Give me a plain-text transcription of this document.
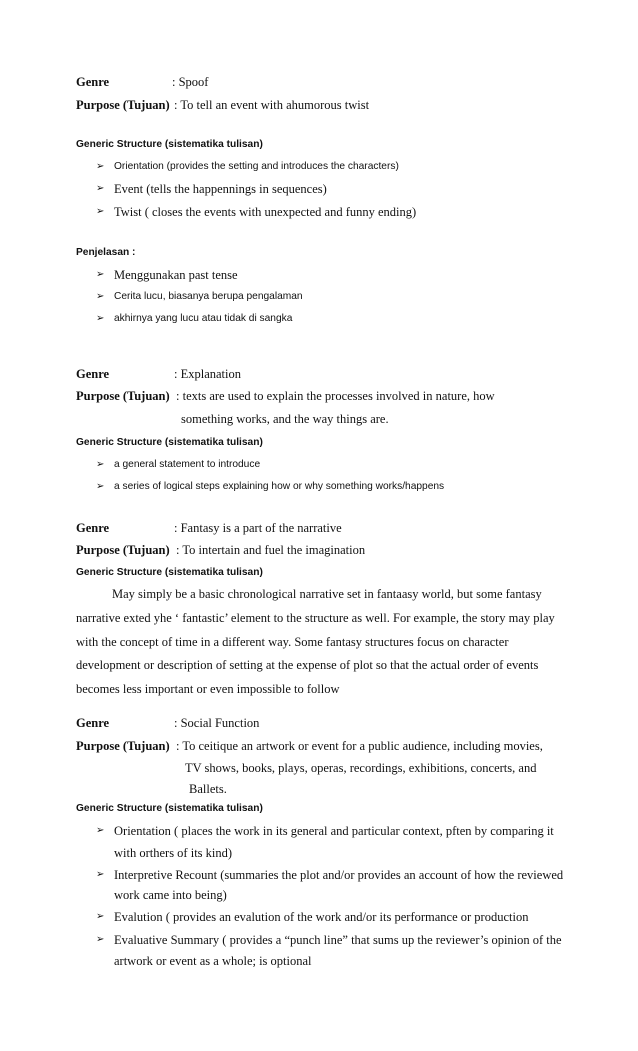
Genre	: Spoof
Purpose (Tujuan) : To tell an event with ahumorous twist
Generic Structure (sistematika tulisan)
➢ Orientation (provides the setting and introduces the characters)
➢ Event (tells the happennings in sequences)
➢ Twist ( closes the events with unexpected and funny ending)
Penjelasan :
➢ Menggunakan past tense
➢ Cerita lucu, biasanya berupa pengalaman
➢ akhirnya yang lucu atau tidak di sangka
Genre	: Explanation
Purpose (Tujuan) : texts are used to explain the processes involved in nature, how
something works, and the way things are.
Generic Structure (sistematika tulisan)
➢ a general statement to introduce
➢ a series of logical steps explaining how or why something works/happens
Genre	: Fantasy is a part of the narrative
Purpose (Tujuan) : To intertain and fuel the imagination
Generic Structure (sistematika tulisan)
May simply be a basic chronological narrative set in fantaasy world, but some fantasy
narrative exted yhe ‘ fantastic’ element to the structure as well. For example, the story may play
with the concept of time in a different way. Some fantasy structures focus on character
development or description of setting at the expense of plot so that the actual order of events
becomes less important or even impossible to follow
Genre	: Social Function
Purpose (Tujuan) : To ceitique an artwork or event for a public audience, including movies,
TV shows, books, plays, operas, recordings, exhibitions, concerts, and
Ballets.
Generic Structure (sistematika tulisan)
➢ Orientation ( places the work in its general and particular context, pften by comparing it
with orthers of its kind)
➢ Interpretive Recount (summaries the plot and/or provides an account of how the reviewed
work came into being)
➢ Evalution ( provides an evalution of the work and/or its performance or production
➢ Evaluative Summary ( provides a “punch line” that sums up the reviewer’s opinion of the
artwork or event as a whole; is optional
